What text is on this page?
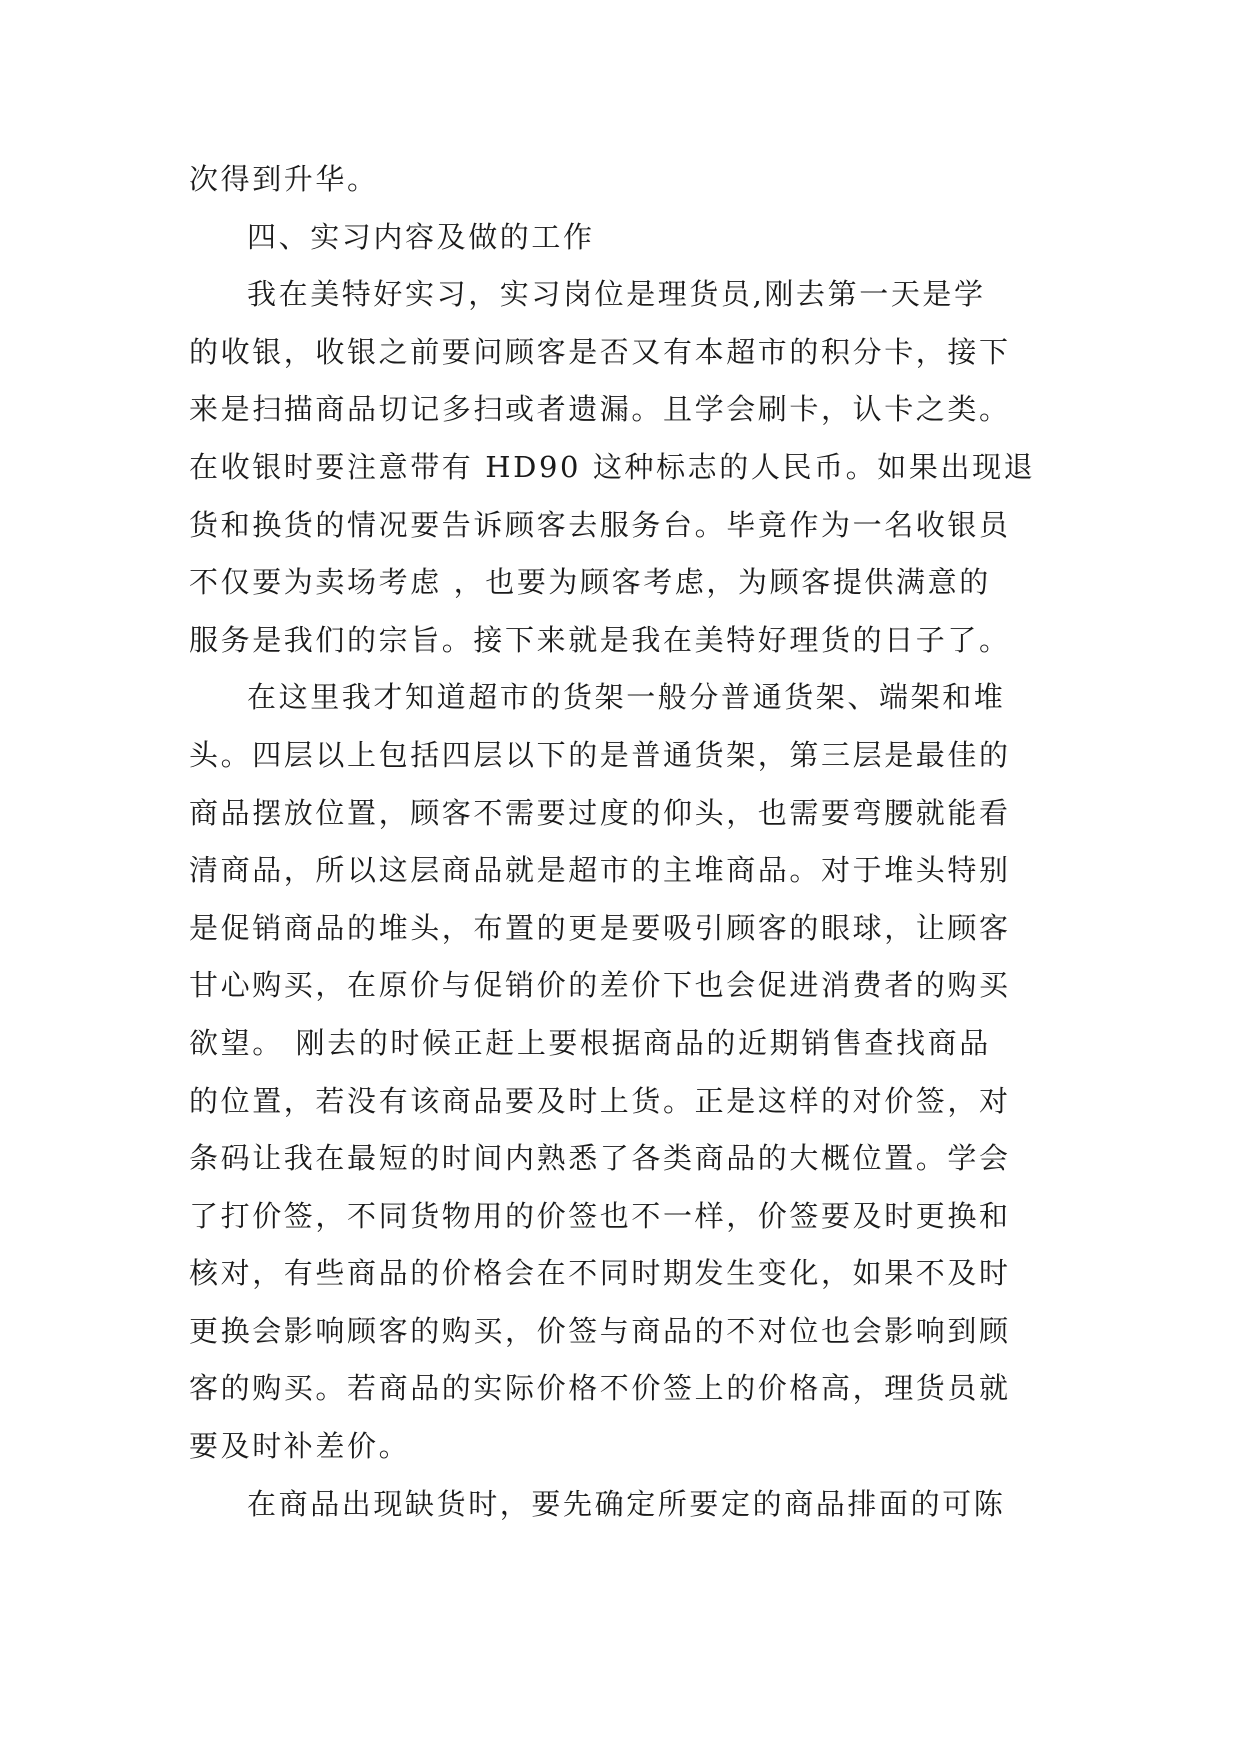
次得到升华。
四、实习内容及做的工作
我在美特好实习，实习岗位是理货员,刚去第一天是学
的收银，收银之前要问顾客是否又有本超市的积分卡，接下
来是扫描商品切记多扫或者遗漏。且学会刷卡，认卡之类。
在收银时要注意带有 HD90 这种标志的人民币。如果出现退
货和换货的情况要告诉顾客去服务台。毕竟作为一名收银员
不仅要为卖场考虑 ，也要为顾客考虑，为顾客提供满意的
服务是我们的宗旨。接下来就是我在美特好理货的日子了。
在这里我才知道超市的货架一般分普通货架、端架和堆
头。四层以上包括四层以下的是普通货架，第三层是最佳的
商品摆放位置，顾客不需要过度的仰头，也需要弯腰就能看
清商品，所以这层商品就是超市的主堆商品。对于堆头特别
是促销商品的堆头，布置的更是要吸引顾客的眼球，让顾客
甘心购买，在原价与促销价的差价下也会促进消费者的购买
欲望。 刚去的时候正赶上要根据商品的近期销售查找商品
的位置，若没有该商品要及时上货。正是这样的对价签，对
条码让我在最短的时间内熟悉了各类商品的大概位置。学会
了打价签，不同货物用的价签也不一样，价签要及时更换和
核对，有些商品的价格会在不同时期发生变化，如果不及时
更换会影响顾客的购买，价签与商品的不对位也会影响到顾
客的购买。若商品的实际价格不价签上的价格高，理货员就
要及时补差价。
在商品出现缺货时，要先确定所要定的商品排面的可陈
